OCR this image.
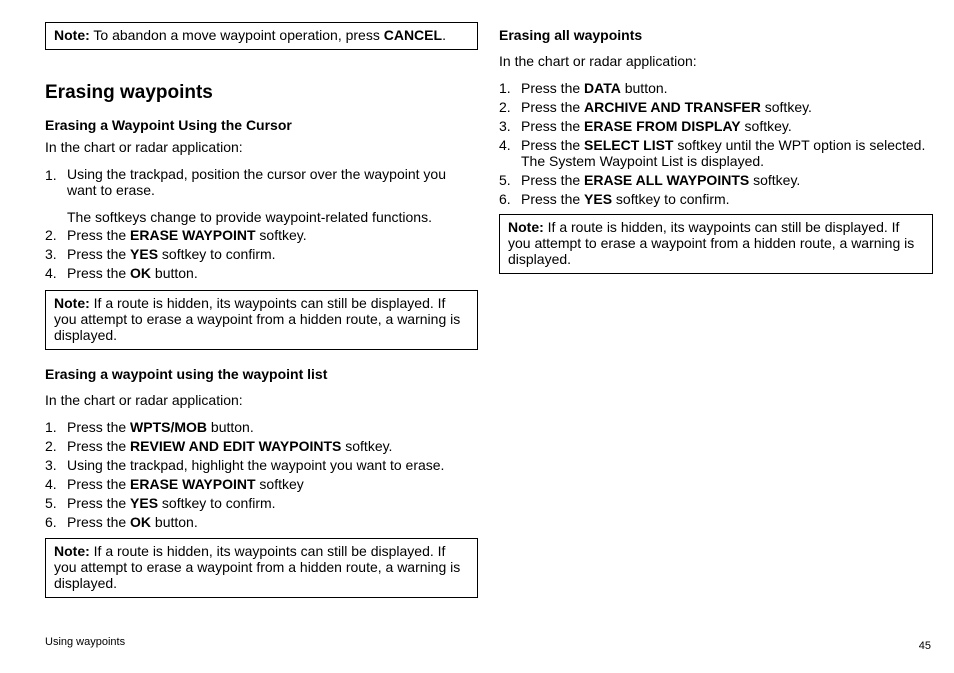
Note: To abandon a move waypoint operation, press CANCEL.
Erasing waypoints
Erasing a Waypoint Using the Cursor
In the chart or radar application:
1. Using the trackpad, position the cursor over the waypoint you
want to erase.
The softkeys change to provide waypoint-related functions.
2. Press the ERASE WAYPOINT softkey.
3. Press the YES softkey to confirm.
4. Press the OK button.
Note: If a route is hidden, its waypoints can still be displayed. If
you attempt to erase a waypoint from a hidden route, a warning is
displayed.
Erasing a waypoint using the waypoint list
In the chart or radar application:
1. Press the WPTS/MOB button.
2. Press the REVIEW AND EDIT WAYPOINTS softkey.
3. Using the trackpad, highlight the waypoint you want to erase.
4. Press the ERASE WAYPOINT softkey
5. Press the YES softkey to confirm.
6. Press the OK button.
Note: If a route is hidden, its waypoints can still be displayed. If
you attempt to erase a waypoint from a hidden route, a warning is
displayed.
Erasing all waypoints
In the chart or radar application:
1. Press the DATA button.
2. Press the ARCHIVE AND TRANSFER softkey.
3. Press the ERASE FROM DISPLAY softkey.
4. Press the SELECT LIST softkey until the WPT option is selected.
The System Waypoint List is displayed.
5. Press the ERASE ALL WAYPOINTS softkey.
6. Press the YES softkey to confirm.
Note: If a route is hidden, its waypoints can still be displayed. If
you attempt to erase a waypoint from a hidden route, a warning is
displayed.
Using waypoints	45
